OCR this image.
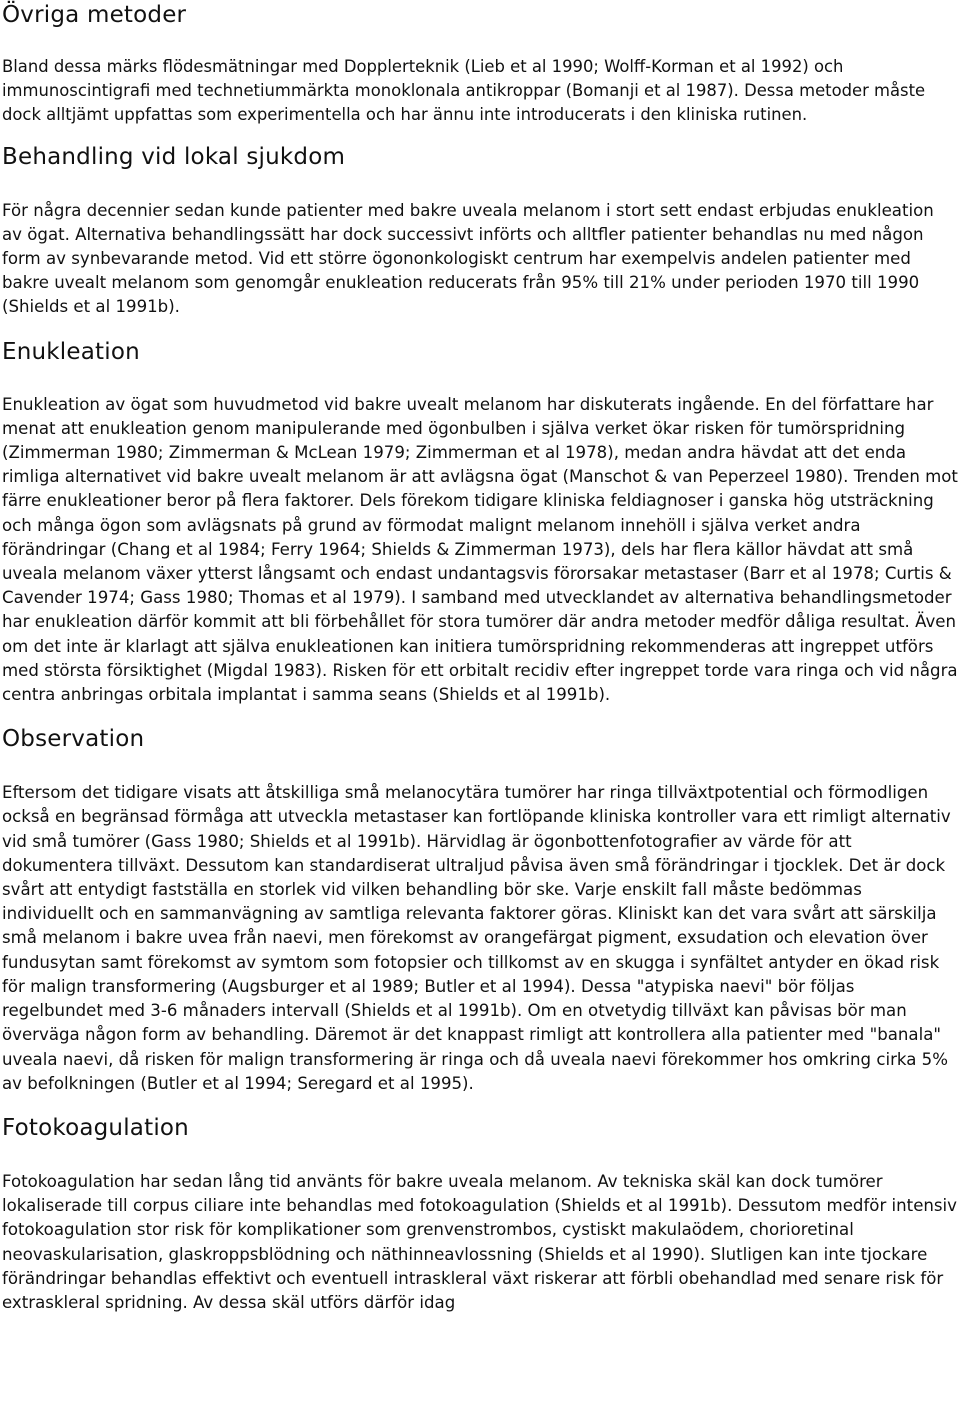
Övriga metoder

Bland dessa märks flödesmätningar med Dopplerteknik (Lieb et al 1990; Wolff-Korman et al 1992) och immunoscintigrafi med technetiummärkta monoklonala antikroppar (Bomanji et al 1987). Dessa metoder måste dock alltjämt uppfattas som experimentella och har ännu inte introducerats i den kliniska rutinen.

Behandling vid lokal sjukdom

För några decennier sedan kunde patienter med bakre uveala melanom i stort sett endast erbjudas enukleation av ögat. Alternativa behandlingssätt har dock successivt införts och alltfler patienter behandlas nu med någon form av synbevarande metod. Vid ett större ögononkologiskt centrum har exempelvis andelen patienter med bakre uvealt melanom som genomgår enukleation reducerats från 95% till 21% under perioden 1970 till 1990 (Shields et al 1991b).

Enukleation

Enukleation av ögat som huvudmetod vid bakre uvealt melanom har diskuterats ingående. En del författare har menat att enukleation genom manipulerande med ögonbulben i själva verket ökar risken för tumörspridning (Zimmerman 1980; Zimmerman & McLean 1979; Zimmerman et al 1978), medan andra hävdat att det enda rimliga alternativet vid bakre uvealt melanom är att avlägsna ögat (Manschot & van Peperzeel 1980). Trenden mot färre enukleationer beror på flera faktorer. Dels förekom tidigare kliniska feldiagnoser i ganska hög utsträckning och många ögon som avlägsnats på grund av förmodat malignt melanom innehöll i själva verket andra förändringar (Chang et al 1984; Ferry 1964; Shields & Zimmerman 1973), dels har flera källor hävdat att små uveala melanom växer ytterst långsamt och endast undantagsvis förorsakar metastaser (Barr et al 1978; Curtis & Cavender 1974; Gass 1980; Thomas et al 1979). I samband med utvecklandet av alternativa behandlingsmetoder har enukleation därför kommit att bli förbehållet för stora tumörer där andra metoder medför dåliga resultat. Även om det inte är klarlagt att själva enukleationen kan initiera tumörspridning rekommenderas att ingreppet utförs med största försiktighet (Migdal 1983). Risken för ett orbitalt recidiv efter ingreppet torde vara ringa och vid några centra anbringas orbitala implantat i samma seans (Shields et al 1991b).

Observation

Eftersom det tidigare visats att åtskilliga små melanocytära tumörer har ringa tillväxtpotential och förmodligen också en begränsad förmåga att utveckla metastaser kan fortlöpande kliniska kontroller vara ett rimligt alternativ vid små tumörer (Gass 1980; Shields et al 1991b). Härvidlag är ögonbottenfotografier av värde för att dokumentera tillväxt. Dessutom kan standardiserat ultraljud påvisa även små förändringar i tjocklek. Det är dock svårt att entydigt fastställa en storlek vid vilken behandling bör ske. Varje enskilt fall måste bedömmas individuellt och en sammanvägning av samtliga relevanta faktorer göras. Kliniskt kan det vara svårt att särskilja små melanom i bakre uvea från naevi, men förekomst av orangefärgat pigment, exsudation och elevation över fundusytan samt förekomst av symtom som fotopsier och tillkomst av en skugga i synfältet antyder en ökad risk för malign transformering (Augsburger et al 1989; Butler et al 1994). Dessa "atypiska naevi" bör följas regelbundet med 3-6 månaders intervall (Shields et al 1991b). Om en otvetydig tillväxt kan påvisas bör man överväga någon form av behandling. Däremot är det knappast rimligt att kontrollera alla patienter med "banala" uveala naevi, då risken för malign transformering är ringa och då uveala naevi förekommer hos omkring cirka 5% av befolkningen (Butler et al 1994; Seregard et al 1995).

Fotokoagulation

Fotokoagulation har sedan lång tid använts för bakre uveala melanom. Av tekniska skäl kan dock tumörer lokaliserade till corpus ciliare inte behandlas med fotokoagulation (Shields et al 1991b). Dessutom medför intensiv fotokoagulation stor risk för komplikationer som grenvenstrombos, cystiskt makulaödem, chorioretinal neovaskularisation, glaskroppsblödning och näthinneavlossning (Shields et al 1990). Slutligen kan inte tjockare förändringar behandlas effektivt och eventuell intraskleral växt riskerar att förbli obehandlad med senare risk för extraskleral spridning. Av dessa skäl utförs därför idag
